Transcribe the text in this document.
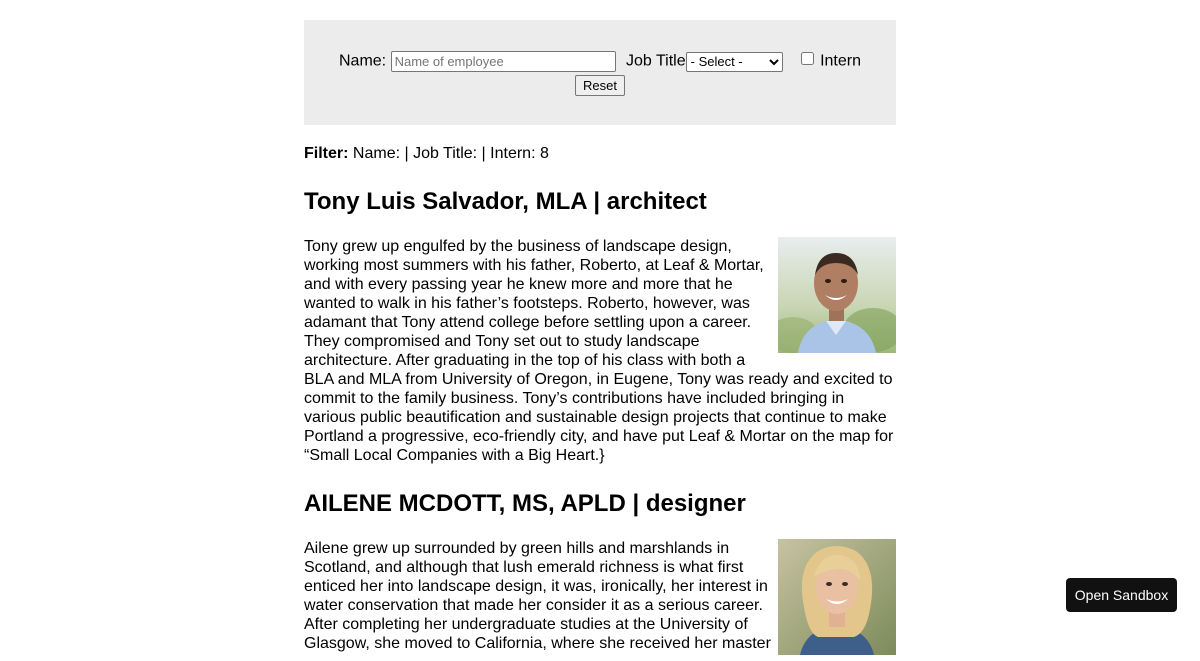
Name: Name of employee	Job Title
- Select -	Intern
Reset
Filter: Name: | Job Title: | Intern: 8
Tony Luis Salvador, MLA | architect

Tony grew up engulfed by the business of landscape design, working most summers with his father, Roberto, at Leaf & Mortar, and with every passing year he knew more and more that he wanted to walk in his father’s footsteps. Roberto, however, was adamant that Tony attend college before settling upon a career. They compromised and Tony set out to study landscape architecture. After graduating in the top of his class with both a BLA and MLA from University of Oregon, in Eugene, Tony was ready and excited to commit to the family business. Tony’s contributions have included bringing in various public beautification and sustainable design projects that continue to make Portland a progressive, eco-friendly city, and have put Leaf & Mortar on the map for “Small Local Companies with a Big Heart.}

AILENE MCDOTT, MS, APLD | designer

Ailene grew up surrounded by green hills and marshlands in Scotland, and although that lush emerald richness is what first enticed her into landscape design, it was, ironically, her interest in water conservation that made her consider it as a serious career. After completing her undergraduate studies at the University of Glasgow, she moved to California, where she received her master

Open Sandbox
